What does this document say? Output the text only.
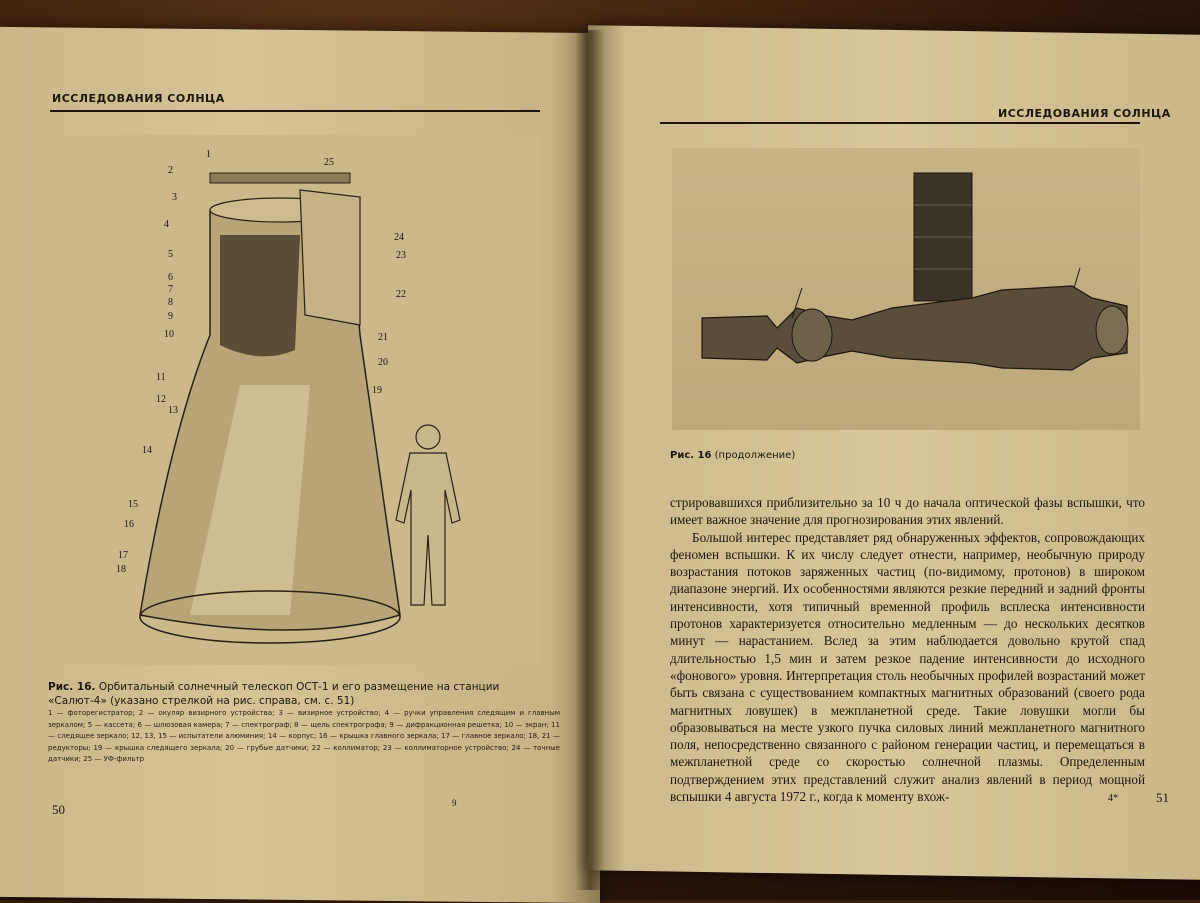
ИССЛЕДОВАНИЯ СОЛНЦА
1
2
3
4
5
6
7
8
9
10
11
12
13
14
15
16
17
18
19
20
21
22
23
24
25
Рис. 16. Орбитальный солнечный телескоп ОСТ-1 и его размещение на станции «Салют-4» (указано стрелкой на рис. справа, см. с. 51)
1 — фоторегистратор; 2 — окуляр визирного устройства; 3 — визирное устройство; 4 — ручки управления следящим и главным зеркалом; 5 — кассета; 6 — шлюзовая камера; 7 — спектрограф; 8 — щель спектрографа; 9 — дифракционная решетка; 10 — экран; 11 — следящее зеркало; 12, 13, 15 — испытатели алюминия; 14 — корпус; 16 — крышка главного зеркала; 17 — главное зеркало; 18, 21 — редукторы; 19 — крышка следящего зеркала; 20 — грубые датчики; 22 — коллиматор; 23 — коллиматорное устройство; 24 — точные датчики; 25 — УФ-фильтр
50	9
ИССЛЕДОВАНИЯ СОЛНЦА
Рис. 16 (продолжение)

стрировавшихся приблизительно за 10 ч до начала оптической фазы вспышки, что имеет важное значение для прогнозирования этих явлений.

Большой интерес представляет ряд обнаруженных эффектов, сопровождающих феномен вспышки. К их числу следует отнести, например, необычную природу возрастания потоков заряженных частиц (по-видимому, протонов) в широком диапазоне энергий. Их особенностями являются резкие передний и задний фронты интенсивности, хотя типичный временной профиль всплеска интенсивности протонов характеризуется относительно медленным — до нескольких десятков минут — нарастанием. Вслед за этим наблюдается довольно крутой спад длительностью 1,5 мин и затем резкое падение интенсивности до исходного «фонового» уровня. Интерпретация столь необычных профилей возрастаний может быть связана с существованием компактных магнитных образований (своего рода магнитных ловушек) в межпланетной среде. Такие ловушки могли бы образовываться на месте узкого пучка силовых линий межпланетного магнитного поля, непосредственно связанного с районом генерации частиц, и перемещаться в межпланетной среде со скоростью солнечной плазмы. Определенным подтверждением этих представлений служит анализ явлений в период мощной вспышки 4 августа 1972 г., когда к моменту вхож-	4*	51
